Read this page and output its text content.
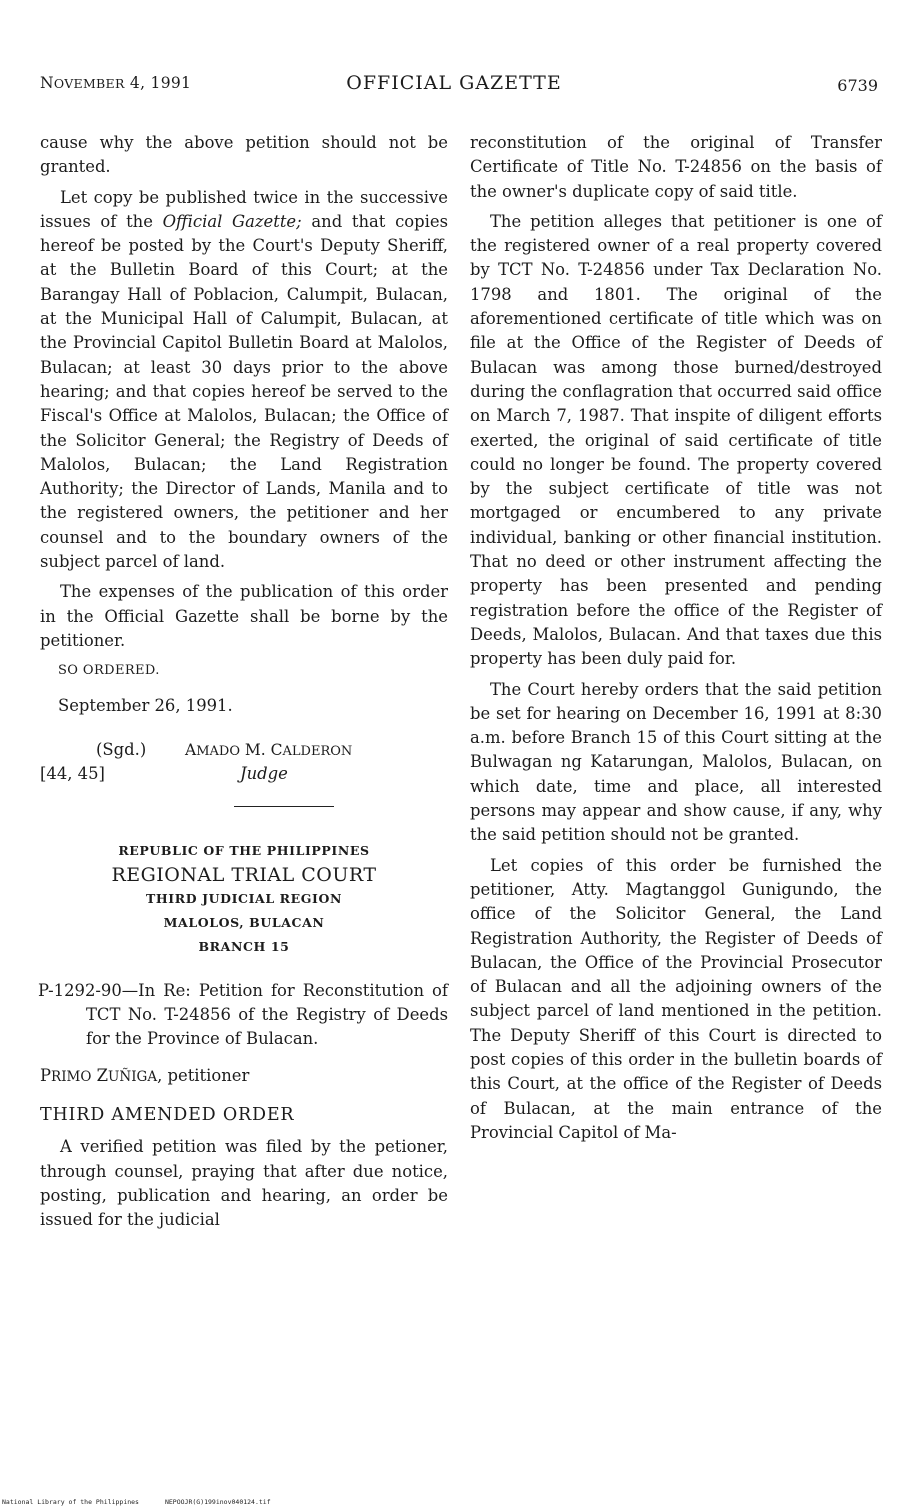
NOVEMBER 4, 1991	OFFICIAL GAZETTE	6739

cause why the above petition should not be granted.

Let copy be published twice in the successive issues of the Official Gazette; and that copies hereof be posted by the Court's Deputy Sheriff, at the Bulletin Board of this Court; at the Barangay Hall of Poblacion, Calumpit, Bulacan, at the Municipal Hall of Calumpit, Bulacan, at the Provincial Capitol Bulletin Board at Malolos, Bulacan; at least 30 days prior to the above hearing; and that copies hereof be served to the Fiscal's Office at Malolos, Bulacan; the Office of the Solicitor General; the Registry of Deeds of Malolos, Bulacan; the Land Registration Authority; the Director of Lands, Manila and to the registered owners, the petitioner and her counsel and to the boundary owners of the subject parcel of land.

The expenses of the publication of this order in the Official Gazette shall be borne by the petitioner.

SO ORDERED.

September 26, 1991.

(Sgd.)	AMADO M. CALDERON
[44, 45]	Judge
REPUBLIC OF THE PHILIPPINES
REGIONAL TRIAL COURT
THIRD JUDICIAL REGION
MALOLOS, BULACAN
BRANCH 15

P-1292-90—In Re: Petition for Reconstitution of TCT No. T-24856 of the Registry of Deeds for the Province of Bulacan.

PRIMO ZUÑIGA, petitioner

THIRD AMENDED ORDER

A verified petition was filed by the petioner, through counsel, praying that after due notice, posting, publication and hearing, an order be issued for the judicial

reconstitution of the original of Transfer Certificate of Title No. T-24856 on the basis of the owner's duplicate copy of said title.

The petition alleges that petitioner is one of the registered owner of a real property covered by TCT No. T-24856 under Tax Declaration No. 1798 and 1801. The original of the aforementioned certificate of title which was on file at the Office of the Register of Deeds of Bulacan was among those burned/destroyed during the conflagration that occurred said office on March 7, 1987. That inspite of diligent efforts exerted, the original of said certificate of title could no longer be found. The property covered by the subject certificate of title was not mortgaged or encumbered to any private individual, banking or other financial institution. That no deed or other instrument affecting the property has been presented and pending registration before the office of the Register of Deeds, Malolos, Bulacan. And that taxes due this property has been duly paid for.

The Court hereby orders that the said petition be set for hearing on December 16, 1991 at 8:30 a.m. before Branch 15 of this Court sitting at the Bulwagan ng Katarungan, Malolos, Bulacan, on which date, time and place, all interested persons may appear and show cause, if any, why the said petition should not be granted.

Let copies of this order be furnished the petitioner, Atty. Magtanggol Gunigundo, the office of the Solicitor General, the Land Registration Authority, the Register of Deeds of Bulacan, the Office of the Provincial Prosecutor of Bulacan and all the adjoining owners of the subject parcel of land mentioned in the petition. The Deputy Sheriff of this Court is directed to post copies of this order in the bulletin boards of this Court, at the office of the Register of Deeds of Bulacan, at the main entrance of the Provincial Capitol of Ma-

National Library of the Philippines	NEPOOJR(G)199inov040124.tif
